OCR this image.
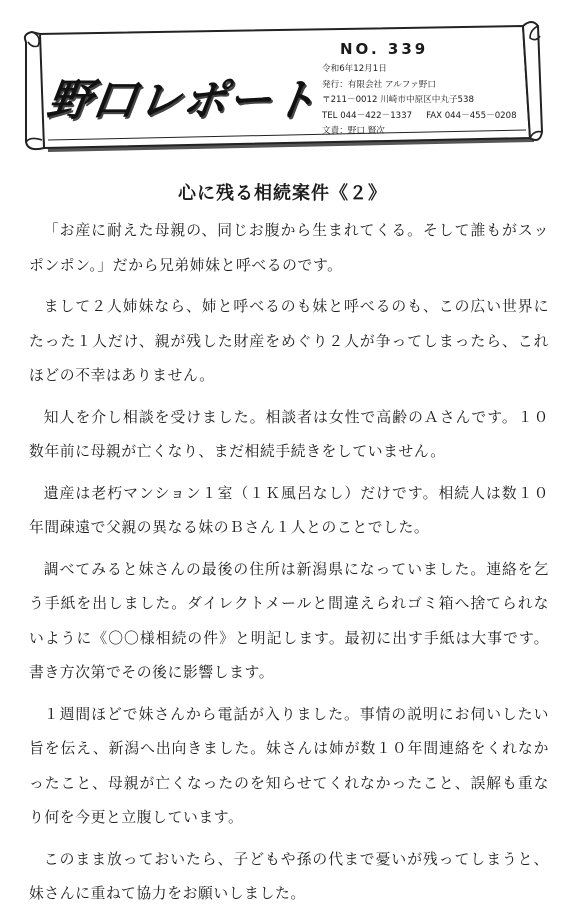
野口レポート
NO. 339
令和6年12月1日
発行：有限会社 アルファ野口
〒211－0012 川崎市中原区中丸子538
TEL 044－422－1337 FAX 044－455－0208
文責：野口 賢次
心に残る相続案件《２》

「お産に耐えた母親の、同じお腹から生まれてくる。そして誰もがスッポンポン。」だから兄弟姉妹と呼べるのです。

まして２人姉妹なら、姉と呼べるのも妹と呼べるのも、この広い世界にたった１人だけ、親が残した財産をめぐり２人が争ってしまったら、これほどの不幸はありません。

知人を介し相談を受けました。相談者は女性で高齢のＡさんです。１０数年前に母親が亡くなり、まだ相続手続きをしていません。

遺産は老朽マンション１室（１Ｋ風呂なし）だけです。相続人は数１０年間疎遠で父親の異なる妹のＢさん１人とのことでした。

調べてみると妹さんの最後の住所は新潟県になっていました。連絡を乞う手紙を出しました。ダイレクトメールと間違えられゴミ箱へ捨てられないように《〇〇様相続の件》と明記します。最初に出す手紙は大事です。書き方次第でその後に影響します。

１週間ほどで妹さんから電話が入りました。事情の説明にお伺いしたい旨を伝え、新潟へ出向きました。妹さんは姉が数１０年間連絡をくれなかったこと、母親が亡くなったのを知らせてくれなかったこと、誤解も重なり何を今更と立腹しています。

このまま放っておいたら、子どもや孫の代まで憂いが残ってしまうと、妹さんに重ねて協力をお願いしました。
